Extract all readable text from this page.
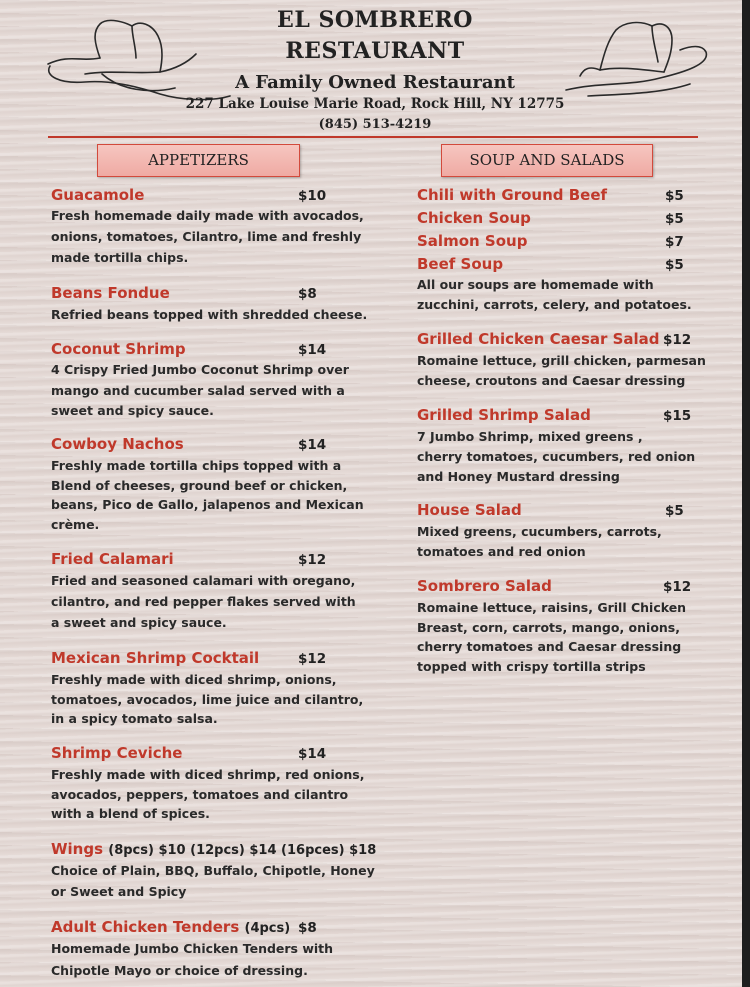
EL SOMBRERO
RESTAURANT
A Family Owned Restaurant
227 Lake Louise Marie Road, Rock Hill, NY 12775
(845) 513-4219
APPETIZERS	SOUP AND SALADS
Guacamole	$10
Fresh homemade daily made with avocados,
onions, tomatoes, Cilantro, lime and freshly
made tortilla chips.
Beans Fondue	$8
Refried beans topped with shredded cheese.
Coconut Shrimp	$14
4 Crispy Fried Jumbo Coconut Shrimp over
mango and cucumber salad served with a
sweet and spicy sauce.
Cowboy Nachos	$14
Freshly made tortilla chips topped with a
Blend of cheeses, ground beef or chicken,
beans, Pico de Gallo, jalapenos and Mexican
crème.
Fried Calamari	$12
Fried and seasoned calamari with oregano,
cilantro, and red pepper flakes served with
a sweet and spicy sauce.
Mexican Shrimp Cocktail	$12
Freshly made with diced shrimp, onions,
tomatoes, avocados, lime juice and cilantro,
in a spicy tomato salsa.
Shrimp Ceviche	$14
Freshly made with diced shrimp, red onions,
avocados, peppers, tomatoes and cilantro
with a blend of spices.
Wings (8pcs) $10 (12pcs) $14 (16pces) $18
Choice of Plain, BBQ, Buffalo, Chipotle, Honey
or Sweet and Spicy
Adult Chicken Tenders (4pcs) $8
Homemade Jumbo Chicken Tenders with
Chipotle Mayo or choice of dressing.
Chili with Ground Beef	$5
Chicken Soup	$5
Salmon Soup	$7
Beef Soup	$5
All our soups are homemade with
zucchini, carrots, celery, and potatoes.
Grilled Chicken Caesar Salad $12
Romaine lettuce, grill chicken, parmesan
cheese, croutons and Caesar dressing
Grilled Shrimp Salad	$15
7 Jumbo Shrimp, mixed greens ,
cherry tomatoes, cucumbers, red onion
and Honey Mustard dressing
House Salad	$5
Mixed greens, cucumbers, carrots,
tomatoes and red onion
Sombrero Salad	$12
Romaine lettuce, raisins, Grill Chicken
Breast, corn, carrots, mango, onions,
cherry tomatoes and Caesar dressing
topped with crispy tortilla strips
